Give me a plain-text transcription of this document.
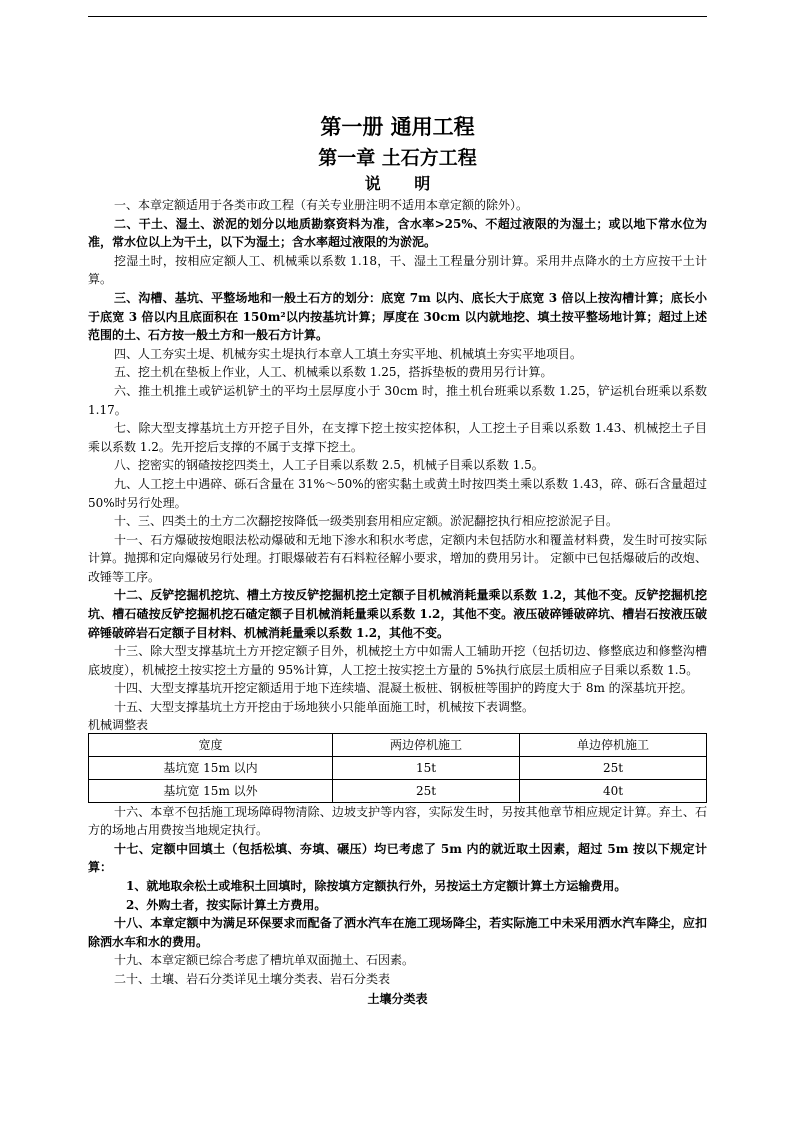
第一册 通用工程
第一章 土石方工程
说 明

一、本章定额适用于各类市政工程（有关专业册注明不适用本章定额的除外）。

二、干土、湿土、淤泥的划分以地质勘察资料为准，含水率>25%、不超过液限的为湿土；或以地下常水位为准，常水位以上为干土，以下为湿土；含水率超过液限的为淤泥。

挖湿土时，按相应定额人工、机械乘以系数 1.18，干、湿土工程量分别计算。采用井点降水的土方应按干土计算。

三、沟槽、基坑、平整场地和一般土石方的划分：底宽 7m 以内、底长大于底宽 3 倍以上按沟槽计算；底长小于底宽 3 倍以内且底面积在 150m²以内按基坑计算；厚度在 30cm 以内就地挖、填土按平整场地计算；超过上述范围的土、石方按一般土方和一般石方计算。

四、人工夯实土堤、机械夯实土堤执行本章人工填土夯实平地、机械填土夯实平地项目。

五、挖土机在垫板上作业，人工、机械乘以系数 1.25，搭拆垫板的费用另行计算。

六、推土机推土或铲运机铲土的平均土层厚度小于 30cm 时，推土机台班乘以系数 1.25，铲运机台班乘以系数 1.17。

七、除大型支撑基坑土方开挖子目外，在支撑下挖土按实挖体积，人工挖土子目乘以系数 1.43、机械挖土子目乘以系数 1.2。先开挖后支撑的不属于支撑下挖土。

八、挖密实的钢碴按挖四类土，人工子目乘以系数 2.5，机械子目乘以系数 1.5。

九、人工挖土中遇碎、砾石含量在 31%～50%的密实黏土或黄土时按四类土乘以系数 1.43，碎、砾石含量超过 50%时另行处理。

十、三、四类土的土方二次翻挖按降低一级类别套用相应定额。淤泥翻挖执行相应挖淤泥子目。

十一、石方爆破按炮眼法松动爆破和无地下渗水和积水考虑，定额内未包括防水和覆盖材料费，发生时可按实际计算。抛掷和定向爆破另行处理。打眼爆破若有石料粒径解小要求，增加的费用另计。 定额中已包括爆破后的改炮、改锤等工序。

十二、反铲挖掘机挖坑、槽土方按反铲挖掘机挖土定额子目机械消耗量乘以系数 1.2，其他不变。反铲挖掘机挖坑、槽石碴按反铲挖掘机挖石碴定额子目机械消耗量乘以系数 1.2，其他不变。液压破碎锤破碎坑、槽岩石按液压破碎锤破碎岩石定额子目材料、机械消耗量乘以系数 1.2，其他不变。

十三、除大型支撑基坑土方开挖定额子目外，机械挖土方中如需人工辅助开挖（包括切边、修整底边和修整沟槽底坡度），机械挖土按实挖土方量的 95%计算，人工挖土按实挖土方量的 5%执行底层土质相应子目乘以系数 1.5。

十四、大型支撑基坑开挖定额适用于地下连续墙、混凝土板桩、钢板桩等围护的跨度大于 8m 的深基坑开挖。

十五、大型支撑基坑土方开挖由于场地狭小只能单面施工时，机械按下表调整。

机械调整表
宽度	两边停机施工	单边停机施工
基坑宽 15m 以内	15t	25t
基坑宽 15m 以外	25t	40t

十六、本章不包括施工现场障碍物清除、边坡支护等内容，实际发生时，另按其他章节相应规定计算。弃土、石方的场地占用费按当地规定执行。

十七、定额中回填土（包括松填、夯填、碾压）均已考虑了 5m 内的就近取土因素，超过 5m 按以下规定计算：

1、就地取余松土或堆积土回填时，除按填方定额执行外，另按运土方定额计算土方运输费用。

2、外购土者，按实际计算土方费用。

十八、本章定额中为满足环保要求而配备了洒水汽车在施工现场降尘，若实际施工中未采用洒水汽车降尘，应扣除洒水车和水的费用。

十九、本章定额已综合考虑了槽坑单双面抛土、石因素。

二十、土壤、岩石分类详见土壤分类表、岩石分类表

土壤分类表
